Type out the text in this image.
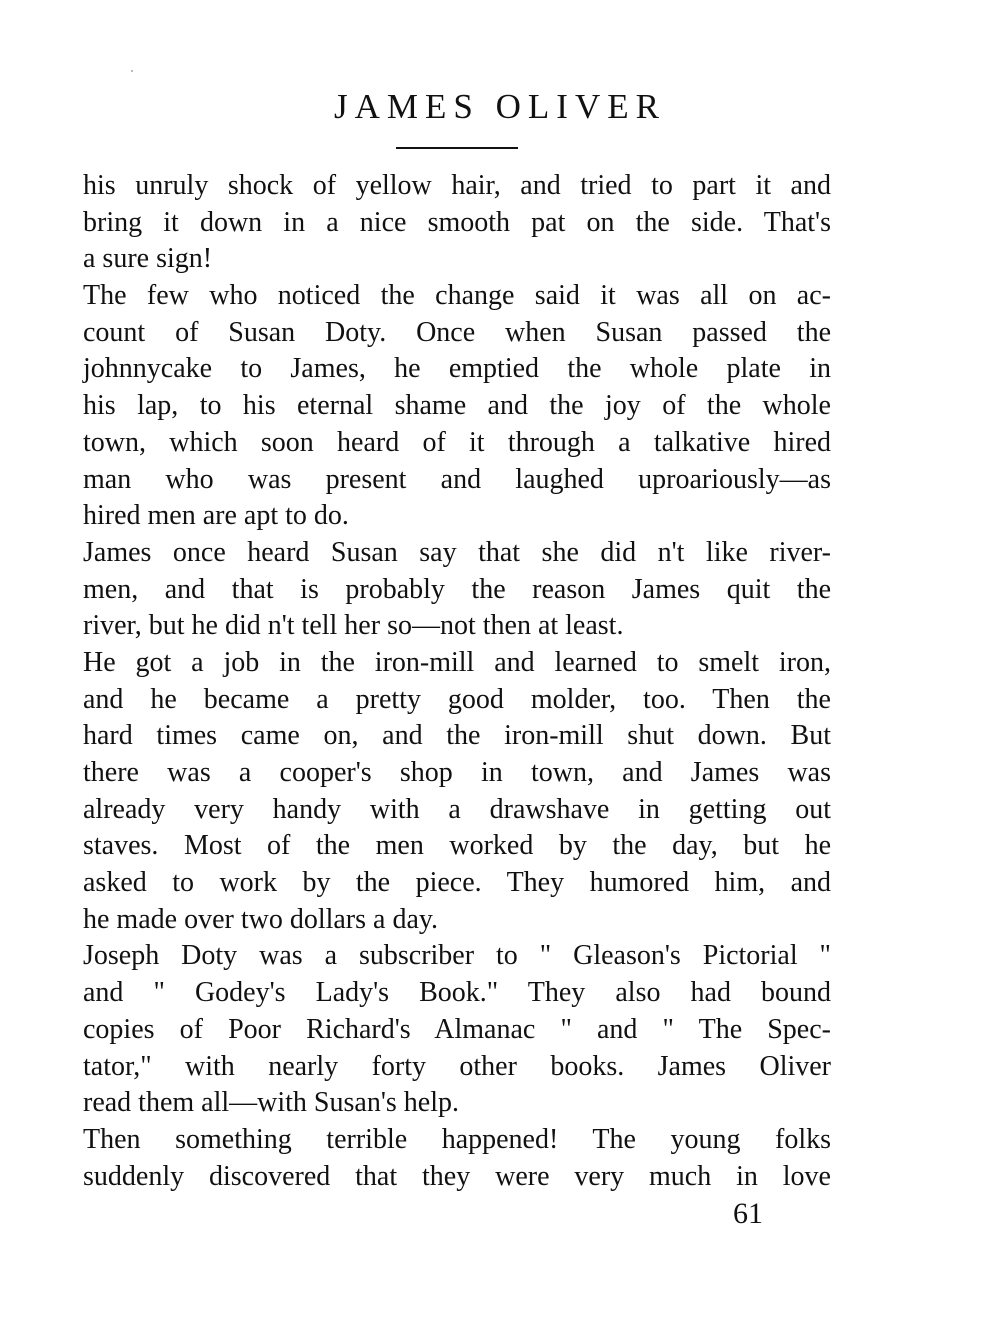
JAMES OLIVER
his unruly shock of yellow hair, and tried to part it and
bring it down in a nice smooth pat on the side. That's
a sure sign!
The few who noticed the change said it was all on ac-
count of Susan Doty. Once when Susan passed the
johnnycake to James, he emptied the whole plate in
his lap, to his eternal shame and the joy of the whole
town, which soon heard of it through a talkative hired
man who was present and laughed uproariously—as
hired men are apt to do.
James once heard Susan say that she did n't like river-
men, and that is probably the reason James quit the
river, but he did n't tell her so—not then at least.
He got a job in the iron-mill and learned to smelt iron,
and he became a pretty good molder, too. Then the
hard times came on, and the iron-mill shut down. But
there was a cooper's shop in town, and James was
already very handy with a drawshave in getting out
staves. Most of the men worked by the day, but he
asked to work by the piece. They humored him, and
he made over two dollars a day.
Joseph Doty was a subscriber to " Gleason's Pictorial "
and " Godey's Lady's Book." They also had bound
copies of Poor Richard's Almanac " and " The Spec-
tator," with nearly forty other books. James Oliver
read them all—with Susan's help.
Then something terrible happened! The young folks
suddenly discovered that they were very much in love
61
